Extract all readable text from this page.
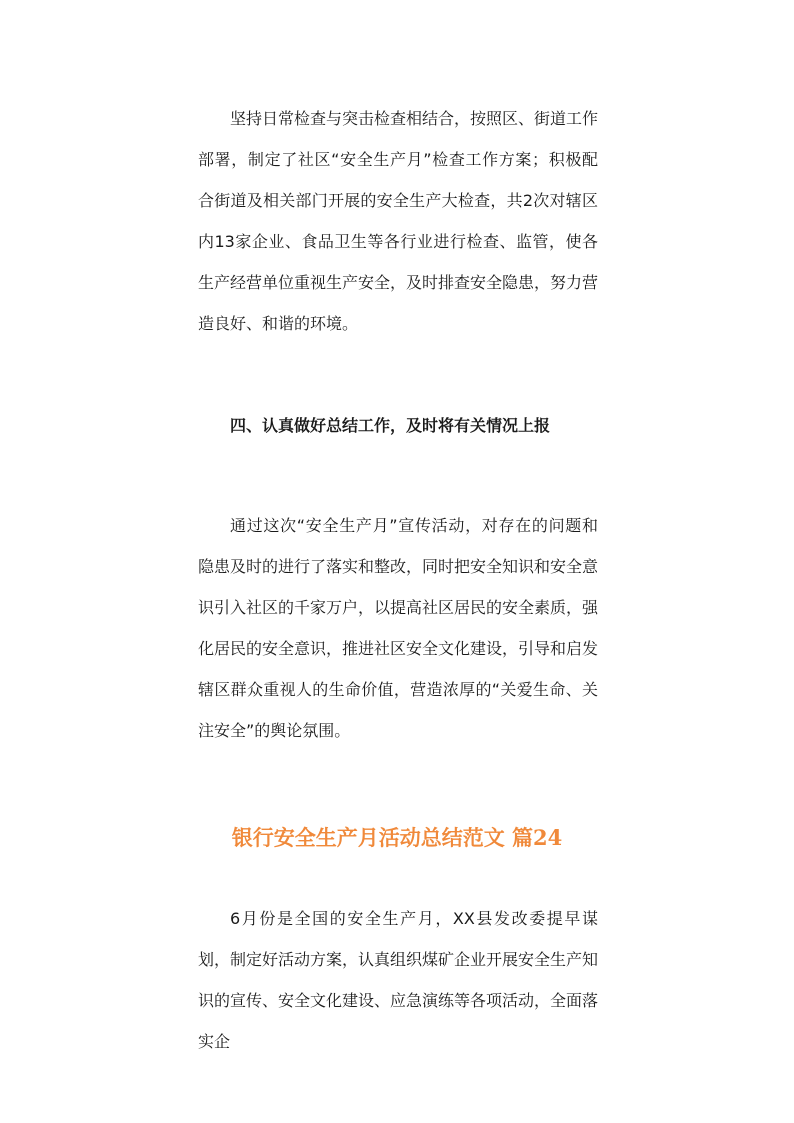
坚持日常检查与突击检查相结合，按照区、街道工作部署，制定了社区“安全生产月”检查工作方案；积极配合街道及相关部门开展的安全生产大检查，共2次对辖区内13家企业、食品卫生等各行业进行检查、监管，使各生产经营单位重视生产安全，及时排查安全隐患，努力营造良好、和谐的环境。

四、认真做好总结工作，及时将有关情况上报

通过这次“安全生产月”宣传活动，对存在的问题和隐患及时的进行了落实和整改，同时把安全知识和安全意识引入社区的千家万户，以提高社区居民的安全素质，强化居民的安全意识，推进社区安全文化建设，引导和启发辖区群众重视人的生命价值，营造浓厚的“关爱生命、关注安全”的舆论氛围。

银行安全生产月活动总结范文 篇24

6月份是全国的安全生产月，XX县发改委提早谋划，制定好活动方案，认真组织煤矿企业开展安全生产知识的宣传、安全文化建设、应急演练等各项活动，全面落实企
